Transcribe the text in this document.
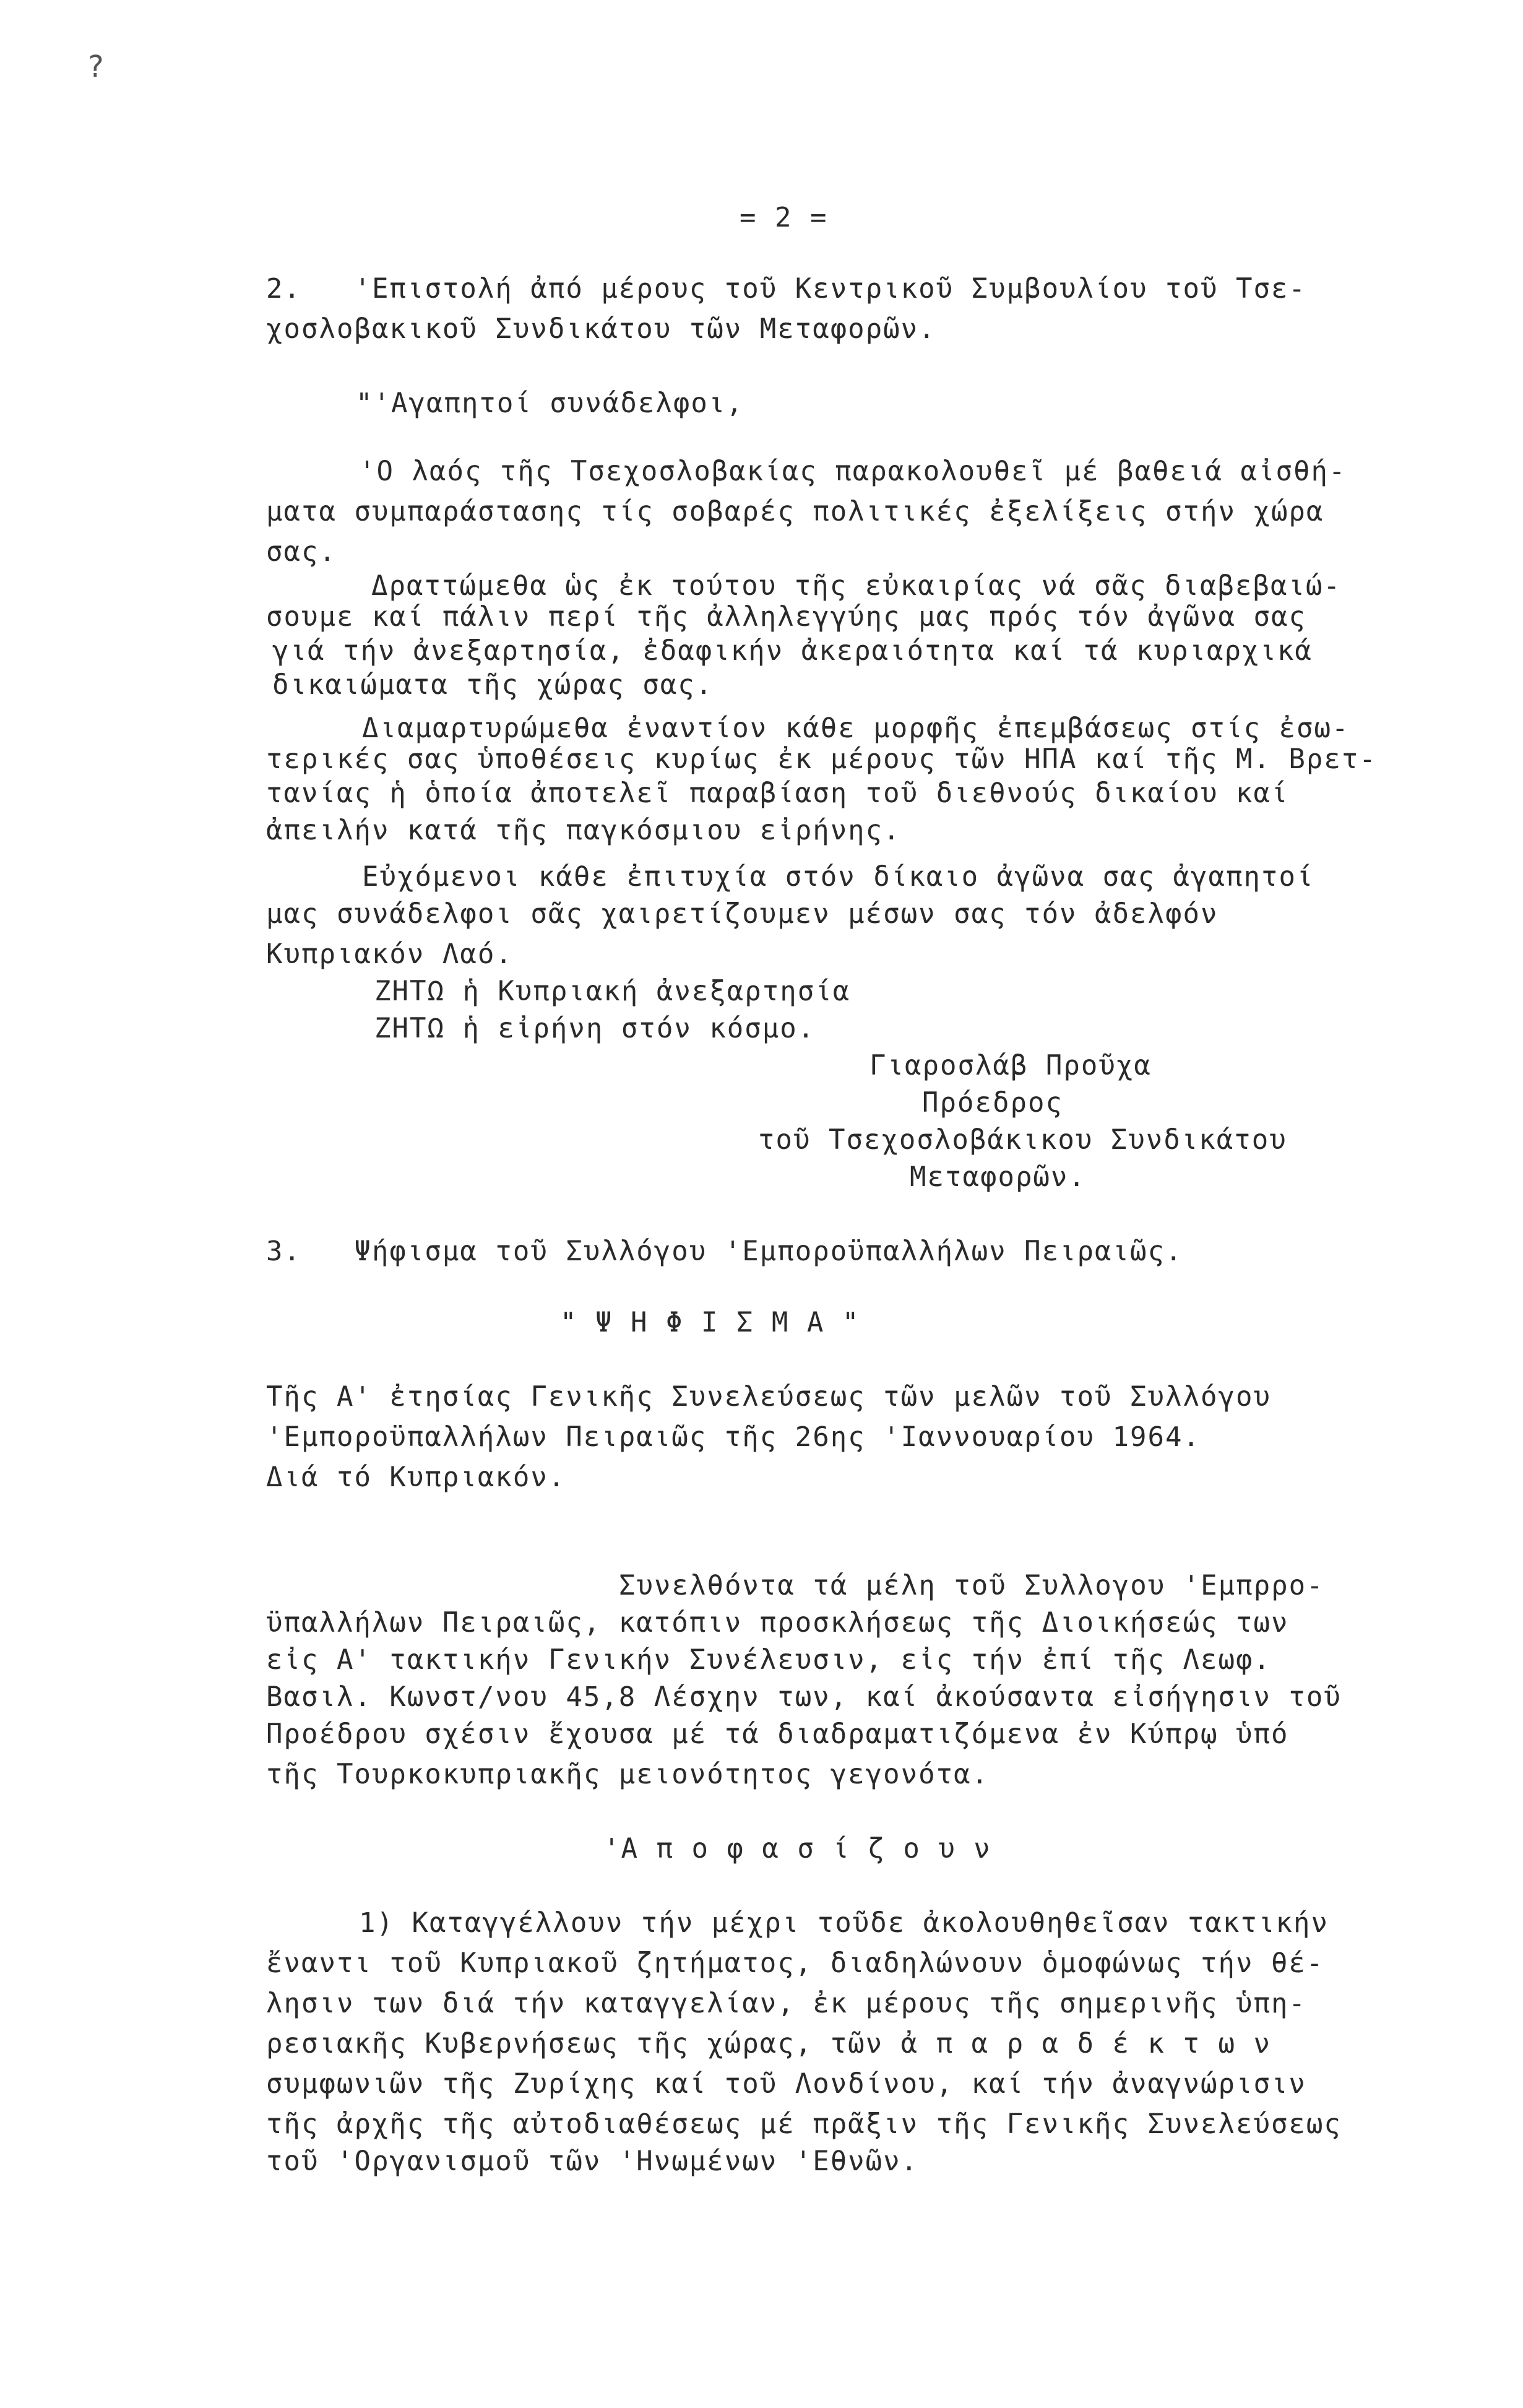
?
= 2 =
2.   'Επιστολή ἀπό μέρους τοῦ Κεντρικοῦ Συμβουλίου τοῦ Τσε-
χοσλοβακικοῦ Συνδικάτου τῶν Μεταφορῶν.
"'Αγαπητοί συνάδελφοι,
'Ο λαός τῆς Τσεχοσλοβακίας παρακολουθεῖ μέ βαθειά αἰσθή-
ματα συμπαράστασης τίς σοβαρές πολιτικές ἐξελίξεις στήν χώρα
σας.
Δραττώμεθα ὡς ἐκ τούτου τῆς εὐκαιρίας νά σᾶς διαβεβαιώ-
σουμε καί πάλιν περί τῆς ἀλληλεγγύης μας πρός τόν ἀγῶνα σας
γιά τήν ἀνεξαρτησία, ἐδαφικήν ἀκεραιότητα καί τά κυριαρχικά
δικαιώματα τῆς χώρας σας.
Διαμαρτυρώμεθα ἐναντίον κάθε μορφῆς ἐπεμβάσεως στίς ἐσω-
τερικές σας ὑποθέσεις κυρίως ἐκ μέρους τῶν ΗΠΑ καί τῆς Μ. Βρετ-
τανίας ἡ ὁποία ἀποτελεῖ παραβίαση τοῦ διεθνούς δικαίου καί
ἀπειλήν κατά τῆς παγκόσμιου εἰρήνης.
Εὐχόμενοι κάθε ἐπιτυχία στόν δίκαιο ἀγῶνα σας ἀγαπητοί
μας συνάδελφοι σᾶς χαιρετίζουμεν μέσων σας τόν ἀδελφόν
Κυπριακόν Λαό.
ΖΗΤΩ ἡ Κυπριακή ἀνεξαρτησία
ΖΗΤΩ ἡ εἰρήνη στόν κόσμο.
Γιαροσλάβ Προῦχα
Πρόεδρος
τοῦ Τσεχοσλοβάκικου Συνδικάτου
Μεταφορῶν.
3.   Ψήφισμα τοῦ Συλλόγου 'Εμποροϋπαλλήλων Πειραιῶς.
" Ψ Η Φ Ι Σ Μ Α "
Τῆς Α' ἐτησίας Γενικῆς Συνελεύσεως τῶν μελῶν τοῦ Συλλόγου
'Εμποροϋπαλλήλων Πειραιῶς τῆς 26ης 'Ιαννουαρίου 1964.
Διά τό Κυπριακόν.
Συνελθόντα τά μέλη τοῦ Συλλογου 'Εμπρρο-
ϋπαλλήλων Πειραιῶς, κατόπιν προσκλήσεως τῆς Διοικήσεώς των
εἰς Α' τακτικήν Γενικήν Συνέλευσιν, εἰς τήν ἐπί τῆς Λεωφ.
Βασιλ. Κωνστ/νου 45,8 Λέσχην των, καί ἀκούσαντα εἰσήγησιν τοῦ
Προέδρου σχέσιν ἔχουσα μέ τά διαδραματιζόμενα ἐν Κύπρῳ ὑπό
τῆς Τουρκοκυπριακῆς μειονότητος γεγονότα.
'Α π ο φ α σ ί ζ ο υ ν
1) Καταγγέλλουν τήν μέχρι τοῦδε ἀκολουθηθεῖσαν τακτικήν
ἔναντι τοῦ Κυπριακοῦ ζητήματος, διαδηλώνουν ὁμοφώνως τήν θέ-
λησιν των διά τήν καταγγελίαν, ἐκ μέρους τῆς σημερινῆς ὑπη-
ρεσιακῆς Κυβερνήσεως τῆς χώρας, τῶν ἀ π α ρ α δ έ κ τ ω ν
συμφωνιῶν τῆς Ζυρίχης καί τοῦ Λονδίνου, καί τήν ἀναγνώρισιν
τῆς ἀρχῆς τῆς αὐτοδιαθέσεως μέ πρᾶξιν τῆς Γενικῆς Συνελεύσεως
τοῦ 'Οργανισμοῦ τῶν 'Ηνωμένων 'Εθνῶν.
